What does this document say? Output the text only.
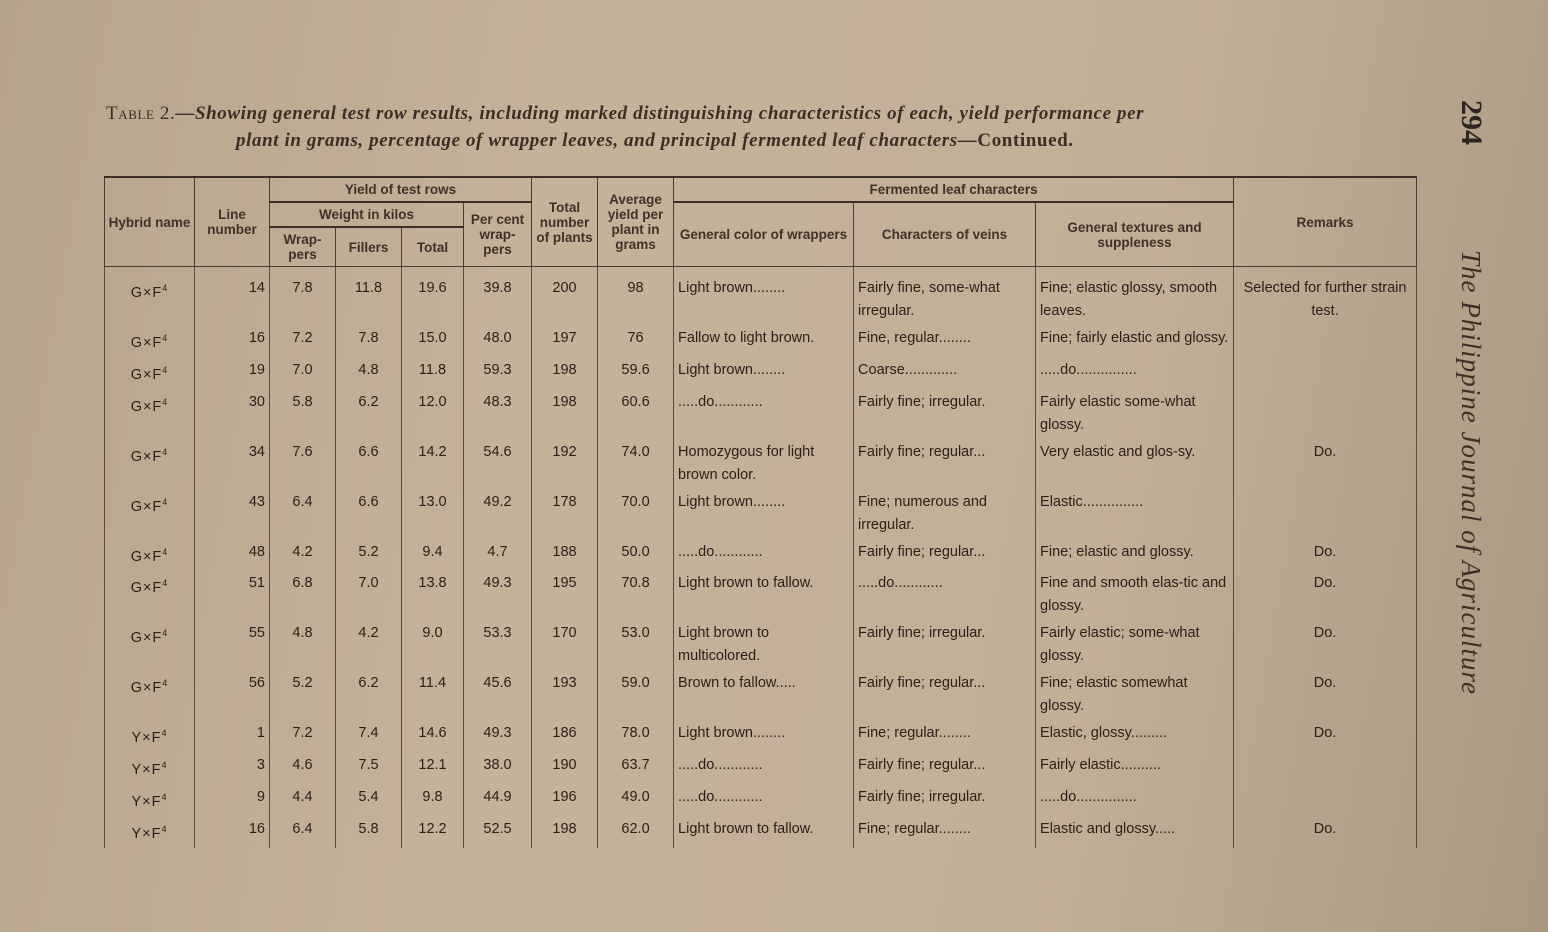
Table 2.—Showing general test row results, including marked distinguishing characteristics of each, yield performance per
plant in grams, percentage of wrapper leaves, and principal fermented leaf characters—Continued.	294
The Philippine Journal of Agriculture
Hybrid name	Line number	Yield of test rows				Total number of plants	Average yield per plant in grams	Fermented leaf characters			Remarks
		Weight in kilos			Per cent wrap-pers			General color of wrappers	Characters of veins	General textures and suppleness	
		Wrap-pers	Fillers	Total							
$G\times F^4$	14	7.8	11.8	19.6	39.8	200	98	Light brown........	Fairly fine, some-what irregular.	Fine; elastic glossy, smooth leaves.	Selected for further strain test.
$G\times F^4$	16	7.2	7.8	15.0	48.0	197	76	Fallow to light brown.	Fine, regular........	Fine; fairly elastic and glossy.	
$G\times F^4$	19	7.0	4.8	11.8	59.3	198	59.6	Light brown........	Coarse.............	.....do...............	
$G\times F^4$	30	5.8	6.2	12.0	48.3	198	60.6	.....do............	Fairly fine; irregular.	Fairly elastic some-what glossy.	
$G\times F^4$	34	7.6	6.6	14.2	54.6	192	74.0	Homozygous for light brown color.	Fairly fine; regular...	Very elastic and glos-sy.	Do.
$G\times F^4$	43	6.4	6.6	13.0	49.2	178	70.0	Light brown........	Fine; numerous and irregular.	Elastic...............	
$G\times F^4$	48	4.2	5.2	9.4	4.7	188	50.0	.....do............	Fairly fine; regular...	Fine; elastic and glossy.	Do.
$G\times F^4$	51	6.8	7.0	13.8	49.3	195	70.8	Light brown to fallow.	.....do............	Fine and smooth elas-tic and glossy.	Do.
$G\times F^4$	55	4.8	4.2	9.0	53.3	170	53.0	Light brown to multicolored.	Fairly fine; irregular.	Fairly elastic; some-what glossy.	Do.
$G\times F^4$	56	5.2	6.2	11.4	45.6	193	59.0	Brown to fallow.....	Fairly fine; regular...	Fine; elastic somewhat glossy.	Do.
$Y\times F^4$	1	7.2	7.4	14.6	49.3	186	78.0	Light brown........	Fine; regular........	Elastic, glossy.........	Do.
$Y\times F^4$	3	4.6	7.5	12.1	38.0	190	63.7	.....do............	Fairly fine; regular...	Fairly elastic..........	
$Y\times F^4$	9	4.4	5.4	9.8	44.9	196	49.0	.....do............	Fairly fine; irregular.	.....do...............	
$Y\times F^4$	16	6.4	5.8	12.2	52.5	198	62.0	Light brown to fallow.	Fine; regular........	Elastic and glossy.....	Do.
